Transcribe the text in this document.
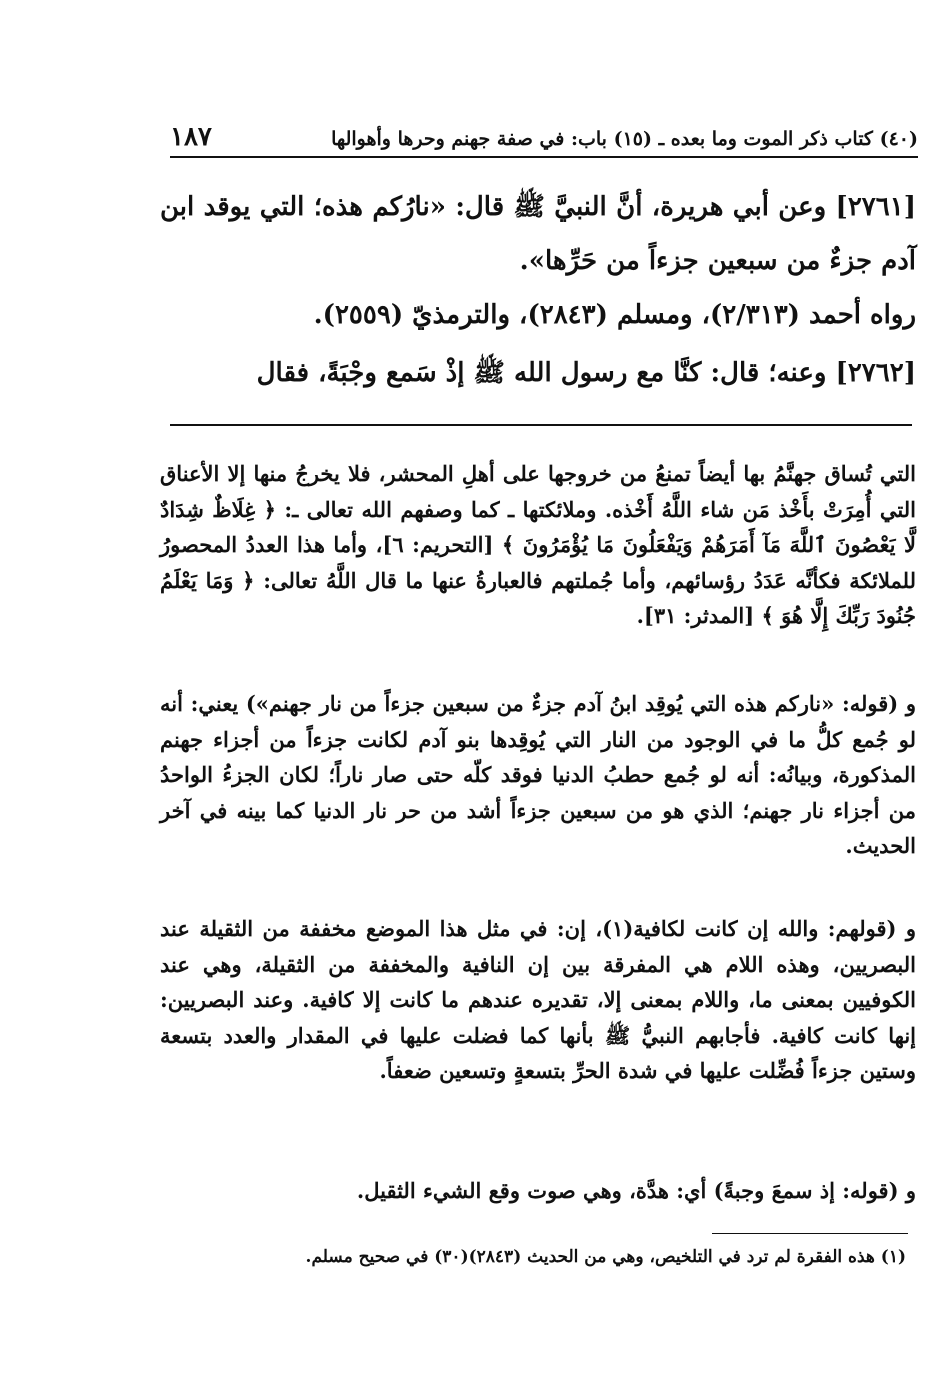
(٤٠) كتاب ذكر الموت وما بعده ـ (١٥) باب: في صفة جهنم وحرها وأهوالها
١٨٧

[٢٧٦١] وعن أبي هريرة، أنَّ النبيَّ ﷺ قال: «نارُكم هذه؛ التي يوقد ابن آدم جزءٌ من سبعين جزءاً من حَرِّها».

رواه أحمد (٢/٣١٣)، ومسلم (٢٨٤٣)، والترمذيّ (٢٥٥٩).

[٢٧٦٢] وعنه؛ قال: كنَّا مع رسول الله ﷺ إذْ سَمع وجْبَةً، فقال

التي تُساق جهنَّمُ بها أيضاً تمنعُ من خروجها على أهلِ المحشر، فلا يخرجُ منها إلا الأعناق التي أُمِرَتْ بأَخْذ مَن شاء اللَّهُ أَخْذه. وملائكتها ـ كما وصفهم الله تعالى ـ: ﴿ غِلَاظٌ شِدَادٌ لَّا يَعْصُونَ ٱللَّهَ مَآ أَمَرَهُمْ وَيَفْعَلُونَ مَا يُؤْمَرُونَ ﴾ [التحريم: ٦]، وأما هذا العددُ المحصورُ للملائكة فكأنَّه عَدَدُ رؤسائهم، وأما جُملتهم فالعبارةُ عنها ما قال اللَّهُ تعالى: ﴿ وَمَا يَعْلَمُ جُنُودَ رَبِّكَ إِلَّا هُوَ ﴾ [المدثر: ٣١].

و (قوله: «ناركم هذه التي يُوقِد ابنُ آدم جزءٌ من سبعين جزءاً من نار جهنم») يعني: أنه لو جُمع كلُّ ما في الوجود من النار التي يُوقِدها بنو آدم لكانت جزءاً من أجزاء جهنم المذكورة، وبيانُه: أنه لو جُمع حطبُ الدنيا فوقد كلّه حتى صار ناراً؛ لكان الجزءُ الواحدُ من أجزاء نار جهنم؛ الذي هو من سبعين جزءاً أشد من حر نار الدنيا كما بينه في آخر الحديث.

و (قولهم: والله إن كانت لكافية(١)، إن: في مثل هذا الموضع مخففة من الثقيلة عند البصريين، وهذه اللام هي المفرقة بين إن النافية والمخففة من الثقيلة، وهي عند الكوفيين بمعنى ما، واللام بمعنى إلا، تقديره عندهم ما كانت إلا كافية. وعند البصريين: إنها كانت كافية. فأجابهم النبيُّ ﷺ بأنها كما فضلت عليها في المقدار والعدد بتسعة وستين جزءاً فُضِّلت عليها في شدة الحرِّ بتسعةٍ وتسعين ضعفاً.

و (قوله: إذ سمعَ وجبةً) أي: هدَّة، وهي صوت وقع الشيء الثقيل.

(١) هذه الفقرة لم ترد في التلخيص، وهي من الحديث (٢٨٤٣)(٣٠) في صحيح مسلم.
